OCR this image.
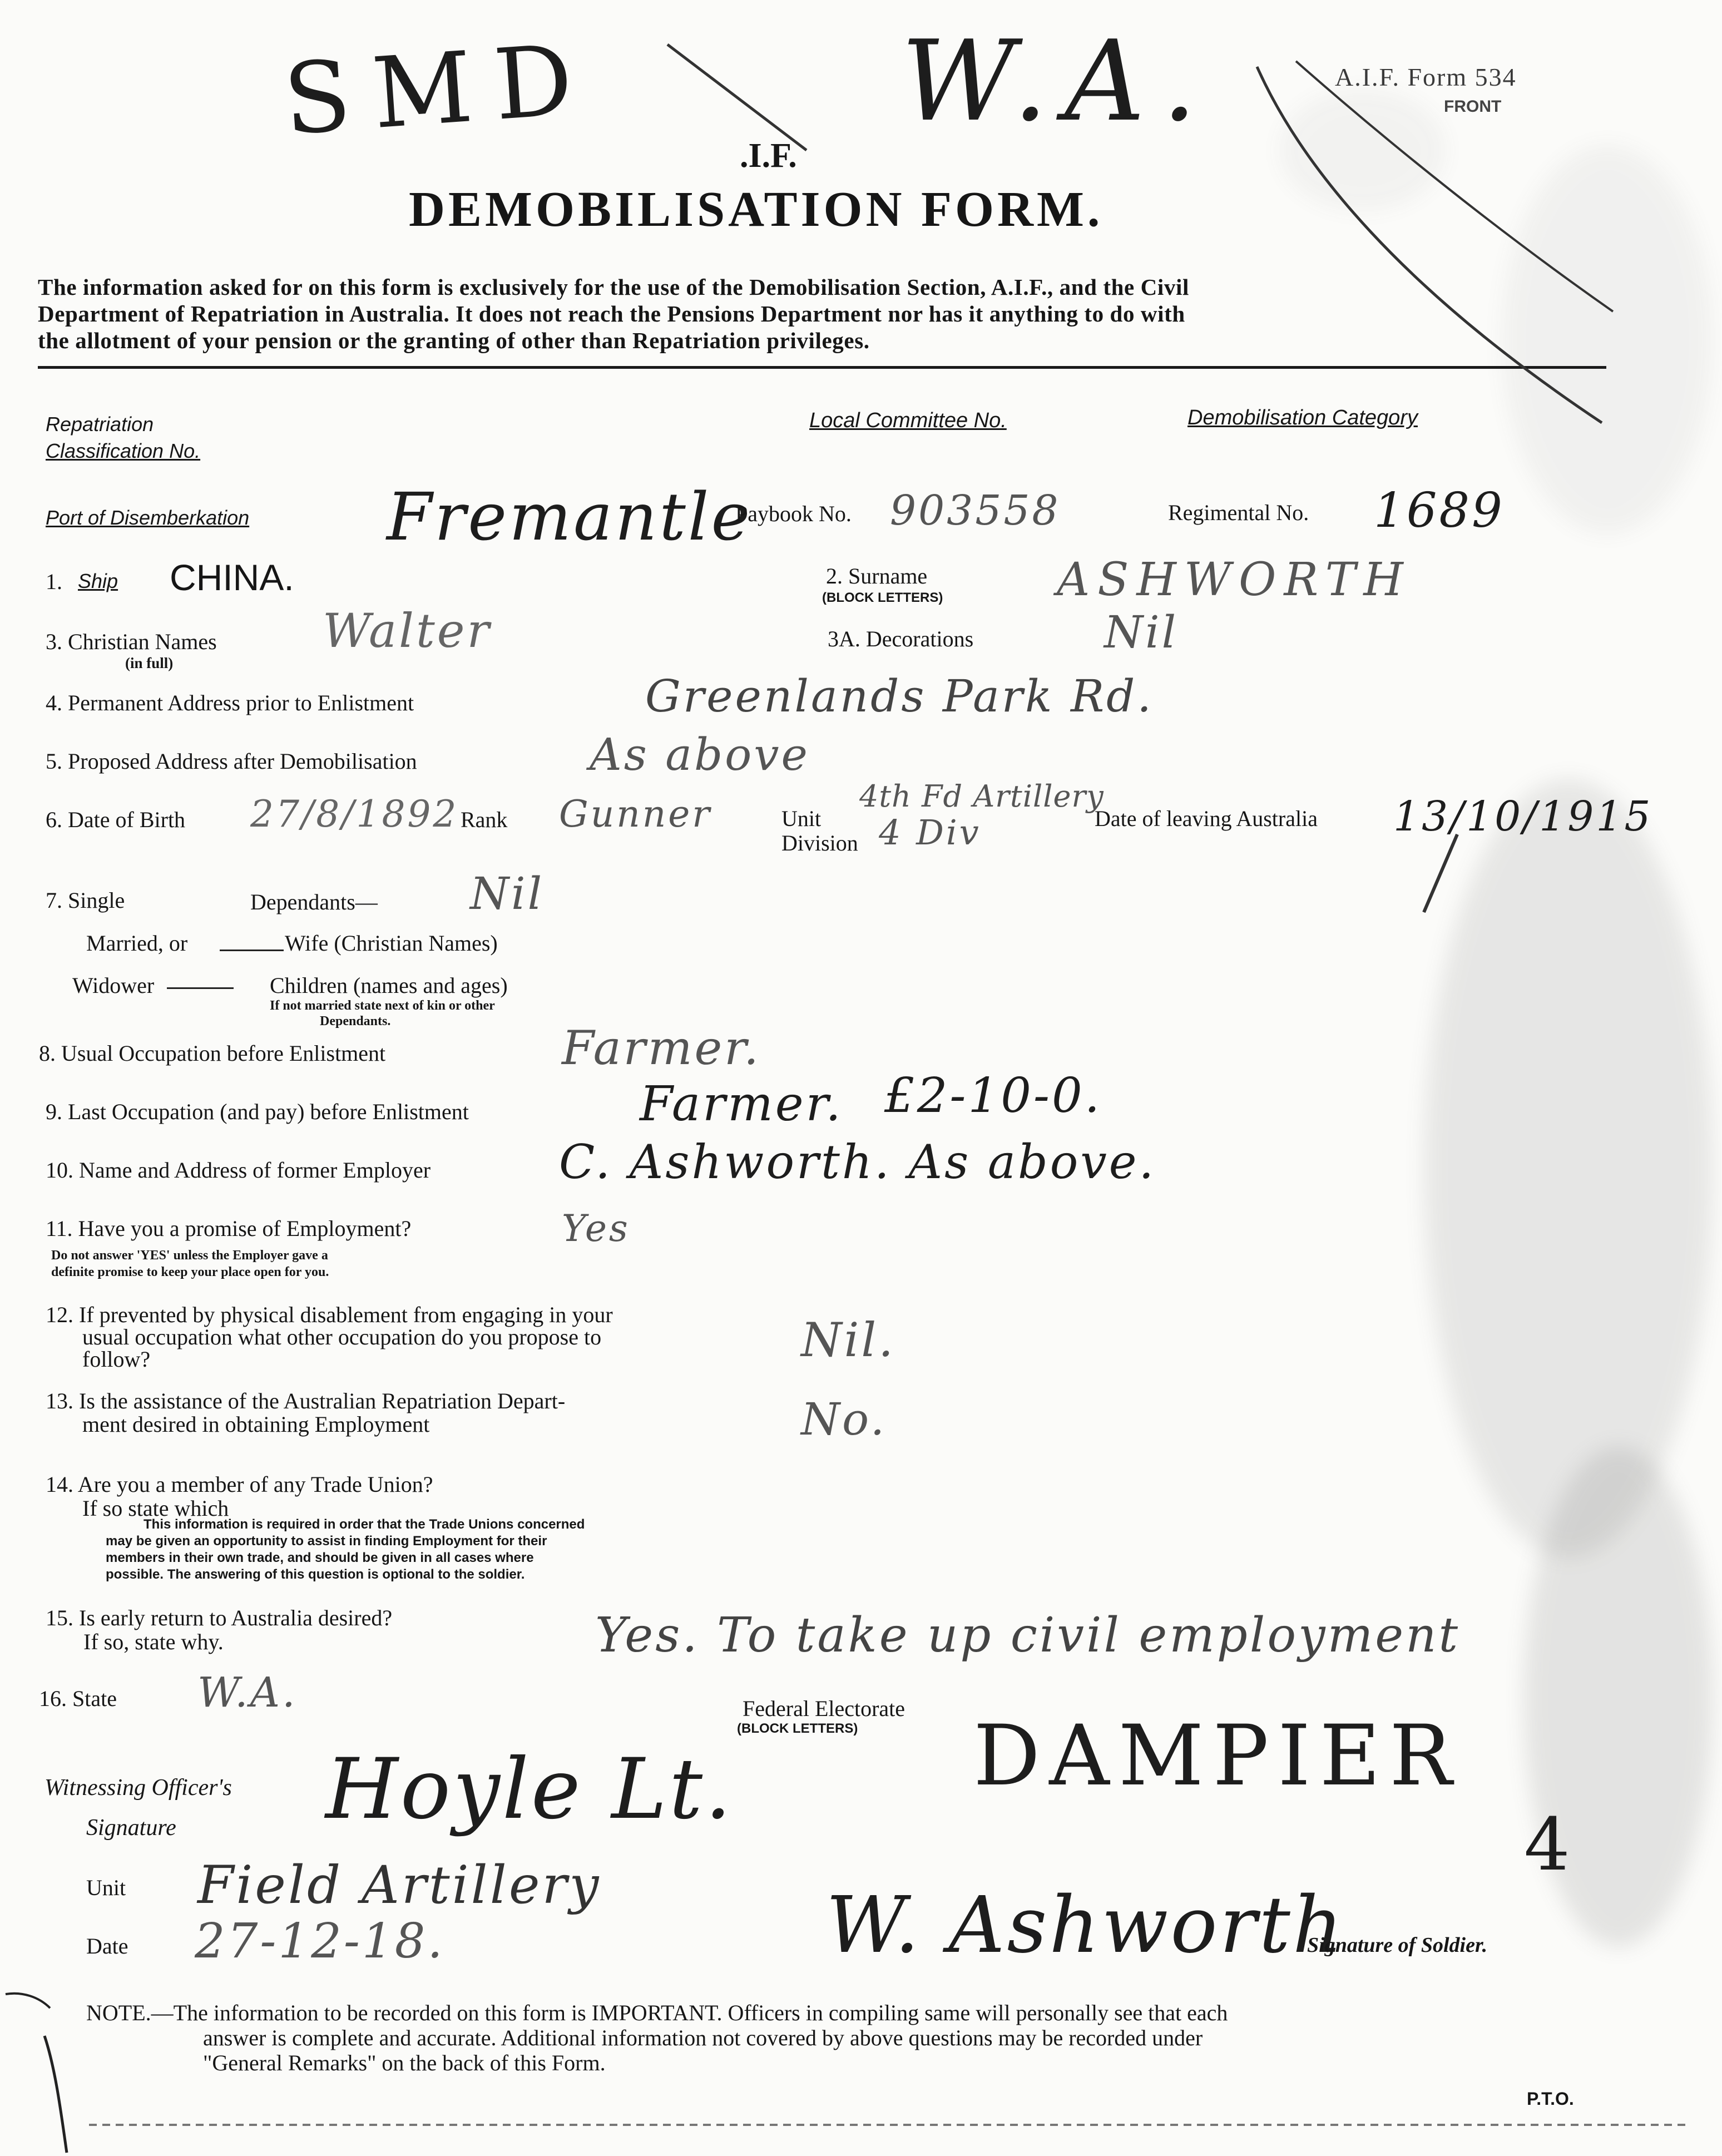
A.I.F. Form 534
FRONT
SMD	W.A.
.I.F.
DEMOBILISATION FORM.
The information asked for on this form is exclusively for the use of the Demobilisation Section, A.I.F., and the Civil
Department of Repatriation in Australia. It does not reach the Pensions Department nor has it anything to do with
the allotment of your pension or the granting of other than Repatriation privileges.
Repatriation
Classification No.
Local Committee No.	Demobilisation Category
Port of Disemberkation Fremantle
Paybook No. 903558	Regimental No. 1689
1. Ship CHINA.	2. Surname
(BLOCK LETTERS) ASHWORTH
3. Christian Names
(in full)
Walter	3A. Decorations	Nil
4. Permanent Address prior to Enlistment	Greenlands Park Rd.
5. Proposed Address after Demobilisation	As above
6. Date of Birth 27/8/1892 Rank Gunner	Unit
Division
4th Fd Artillery
4 Div	Date of leaving Australia 13/10/1915
7. Single	Dependants— Nil
Married, or	Wife (Christian Names)
Widower	Children (names and ages)
If not married state next of kin or other
Dependants.
8. Usual Occupation before Enlistment	Farmer.
9. Last Occupation (and pay) before Enlistment	Farmer. £2-10-0.
10. Name and Address of former Employer	C. Ashworth. As above.
11. Have you a promise of Employment?
Do not answer 'YES' unless the Employer gave a
definite promise to keep your place open for you.
Yes
12. If prevented by physical disablement from engaging in your
usual occupation what other occupation do you propose to
follow?	Nil.
13. Is the assistance of the Australian Repatriation Depart-
ment desired in obtaining Employment	No.
14. Are you a member of any Trade Union?
If so state which
This information is required in order that the Trade Unions concerned
may be given an opportunity to assist in finding Employment for their
members in their own trade, and should be given in all cases where
possible. The answering of this question is optional to the soldier.
15. Is early return to Australia desired?
If so, state why.	Yes. To take up civil employment
16. State W.A.	Federal Electorate
(BLOCK LETTERS) DAMPIER
Witnessing Officer's
Signature Hoyle Lt.
Unit Field Artillery
Date 27-12-18.	W. Ashworth
Signature of Soldier.
4
NOTE.—The information to be recorded on this form is IMPORTANT. Officers in compiling same will personally see that each
answer is complete and accurate. Additional information not covered by above questions may be recorded under
"General Remarks" on the back of this Form.
P.T.O.
